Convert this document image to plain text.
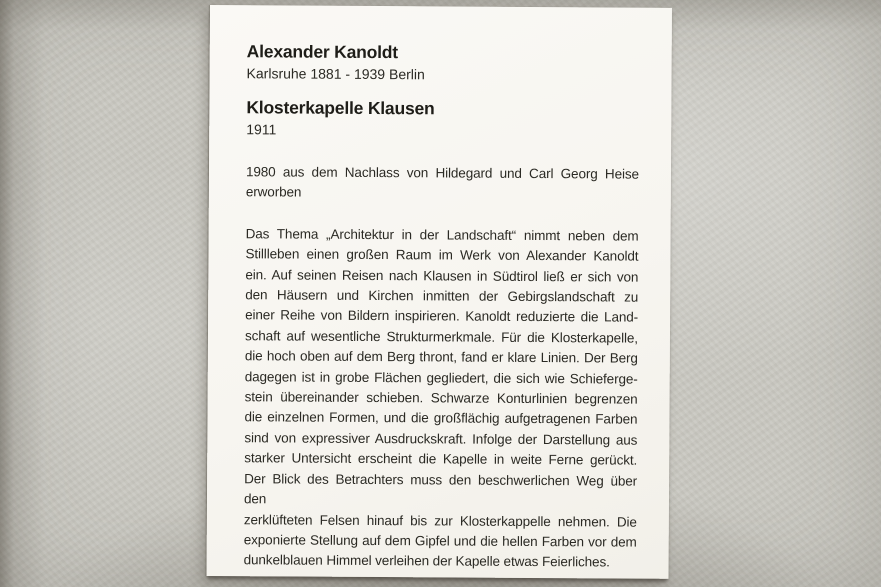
Alexander Kanoldt
Karlsruhe 1881 - 1939 Berlin
Klosterkapelle Klausen
1911
1980 aus dem Nachlass von Hildegard und Carl Georg Heise
erworben
Das Thema „Architektur in der Landschaft“ nimmt neben dem
Stillleben einen großen Raum im Werk von Alexander Kanoldt
ein. Auf seinen Reisen nach Klausen in Südtirol ließ er sich von
den Häusern und Kirchen inmitten der Gebirgslandschaft zu
einer Reihe von Bildern inspirieren. Kanoldt reduzierte die Land-
schaft auf wesentliche Strukturmerkmale. Für die Klosterkapelle,
die hoch oben auf dem Berg thront, fand er klare Linien. Der Berg
dagegen ist in grobe Flächen gegliedert, die sich wie Schieferge-
stein übereinander schieben. Schwarze Konturlinien begrenzen
die einzelnen Formen, und die großflächig aufgetragenen Farben
sind von expressiver Ausdruckskraft. Infolge der Darstellung aus
starker Untersicht erscheint die Kapelle in weite Ferne gerückt.
Der Blick des Betrachters muss den beschwerlichen Weg über den
zerklüfteten Felsen hinauf bis zur Klosterkappelle nehmen. Die
exponierte Stellung auf dem Gipfel und die hellen Farben vor dem
dunkelblauen Himmel verleihen der Kapelle etwas Feierliches.
